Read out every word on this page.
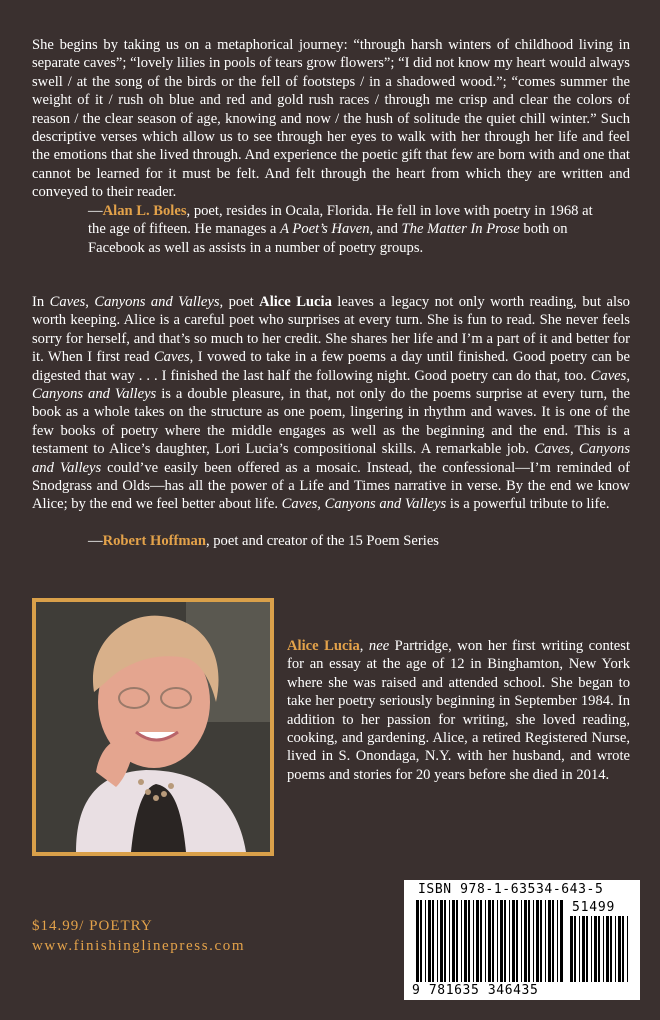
She begins by taking us on a metaphorical journey: “through harsh winters of childhood living in separate caves”; “lovely lilies in pools of tears grow flowers”; “I did not know my heart would always swell / at the song of the birds or the fell of footsteps / in a shadowed wood.”; “comes summer the weight of it / rush oh blue and red and gold rush races / through me crisp and clear the colors of reason / the clear season of age, knowing and now / the hush of solitude the quiet chill winter.” Such descriptive verses which allow us to see through her eyes to walk with her through her life and feel the emotions that she lived through. And experience the poetic gift that few are born with and one that cannot be learned for it must be felt. And felt through the heart from which they are written and conveyed to their reader.

—Alan L. Boles, poet, resides in Ocala, Florida. He fell in love with poetry in 1968 at the age of fifteen. He manages a A Poet’s Haven, and The Matter In Prose both on Facebook as well as assists in a number of poetry groups.

In Caves, Canyons and Valleys, poet Alice Lucia leaves a legacy not only worth reading, but also worth keeping. Alice is a careful poet who surprises at every turn. She is fun to read. She never feels sorry for herself, and that’s so much to her credit. She shares her life and I’m a part of it and better for it. When I first read Caves, I vowed to take in a few poems a day until finished. Good poetry can be digested that way . . . I finished the last half the following night. Good poetry can do that, too. Caves, Canyons and Valleys is a double pleasure, in that, not only do the poems surprise at every turn, the book as a whole takes on the structure as one poem, lingering in rhythm and waves. It is one of the few books of poetry where the middle engages as well as the beginning and the end. This is a testament to Alice’s daughter, Lori Lucia’s compositional skills. A remarkable job. Caves, Canyons and Valleys could’ve easily been offered as a mosaic. Instead, the confessional—I’m reminded of Snodgrass and Olds—has all the power of a Life and Times narrative in verse. By the end we know Alice; by the end we feel better about life. Caves, Canyons and Valleys is a powerful tribute to life.

—Robert Hoffman, poet and creator of the 15 Poem Series

Alice Lucia, nee Partridge, won her first writing contest for an essay at the age of 12 in Binghamton, New York where she was raised and attended school. She began to take her poetry seriously beginning in September 1984. In addition to her passion for writing, she loved reading, cooking, and gardening. Alice, a retired Registered Nurse, lived in S. Onondaga, N.Y. with her husband, and wrote poems and stories for 20 years before she died in 2014.

$14.99/ POETRY

www.finishinglinepress.com

ISBN 978-1-63534-643-5
51499
9 781635 346435
